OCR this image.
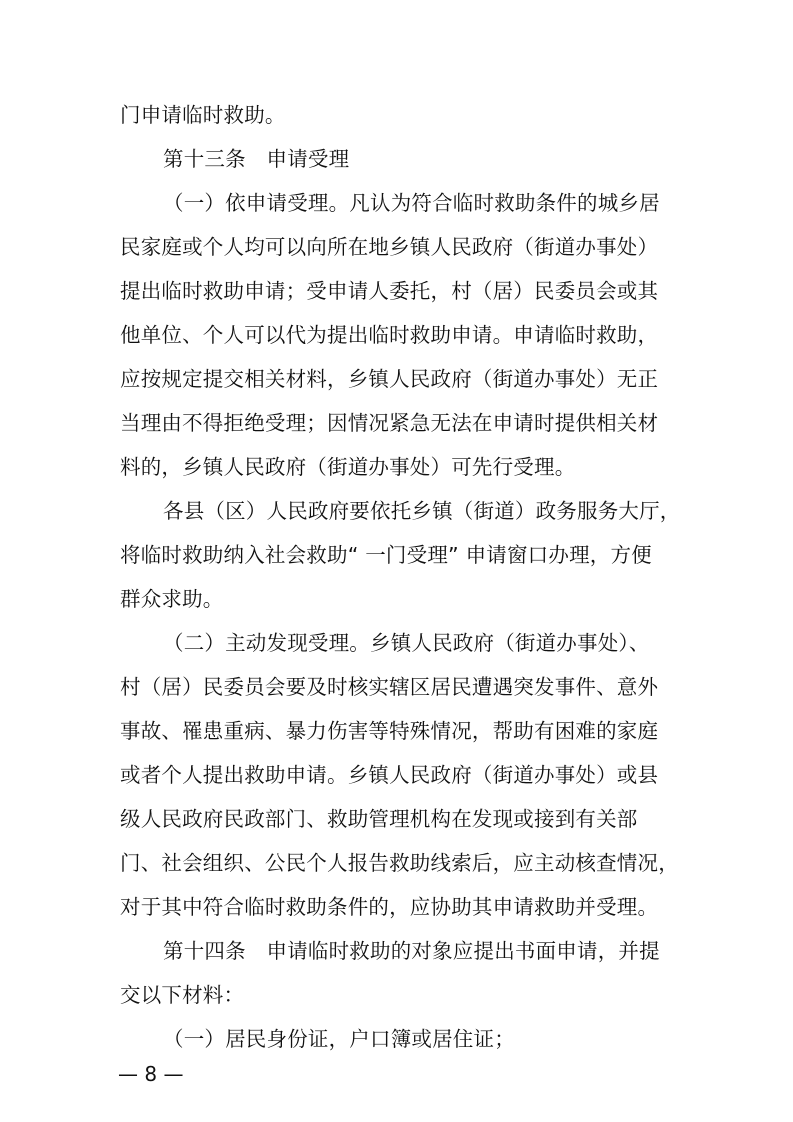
门申请临时救助。
第十三条　申请受理
（一）依申请受理。凡认为符合临时救助条件的城乡居
民家庭或个人均可以向所在地乡镇人民政府（街道办事处）
提出临时救助申请；受申请人委托，村（居）民委员会或其
他单位、个人可以代为提出临时救助申请。申请临时救助，
应按规定提交相关材料，乡镇人民政府（街道办事处）无正
当理由不得拒绝受理；因情况紧急无法在申请时提供相关材
料的，乡镇人民政府（街道办事处）可先行受理。
各县（区）人民政府要依托乡镇（街道）政务服务大厅，
将临时救助纳入社会救助“ 一门受理” 申请窗口办理，方便
群众求助。
（二）主动发现受理。乡镇人民政府（街道办事处）、
村（居）民委员会要及时核实辖区居民遭遇突发事件、意外
事故、罹患重病、暴力伤害等特殊情况，帮助有困难的家庭
或者个人提出救助申请。乡镇人民政府（街道办事处）或县
级人民政府民政部门、救助管理机构在发现或接到有关部
门、社会组织、公民个人报告救助线索后，应主动核查情况，
对于其中符合临时救助条件的，应协助其申请救助并受理。
第十四条　申请临时救助的对象应提出书面申请，并提
交以下材料：
（一）居民身份证，户口簿或居住证；
— 8 —
